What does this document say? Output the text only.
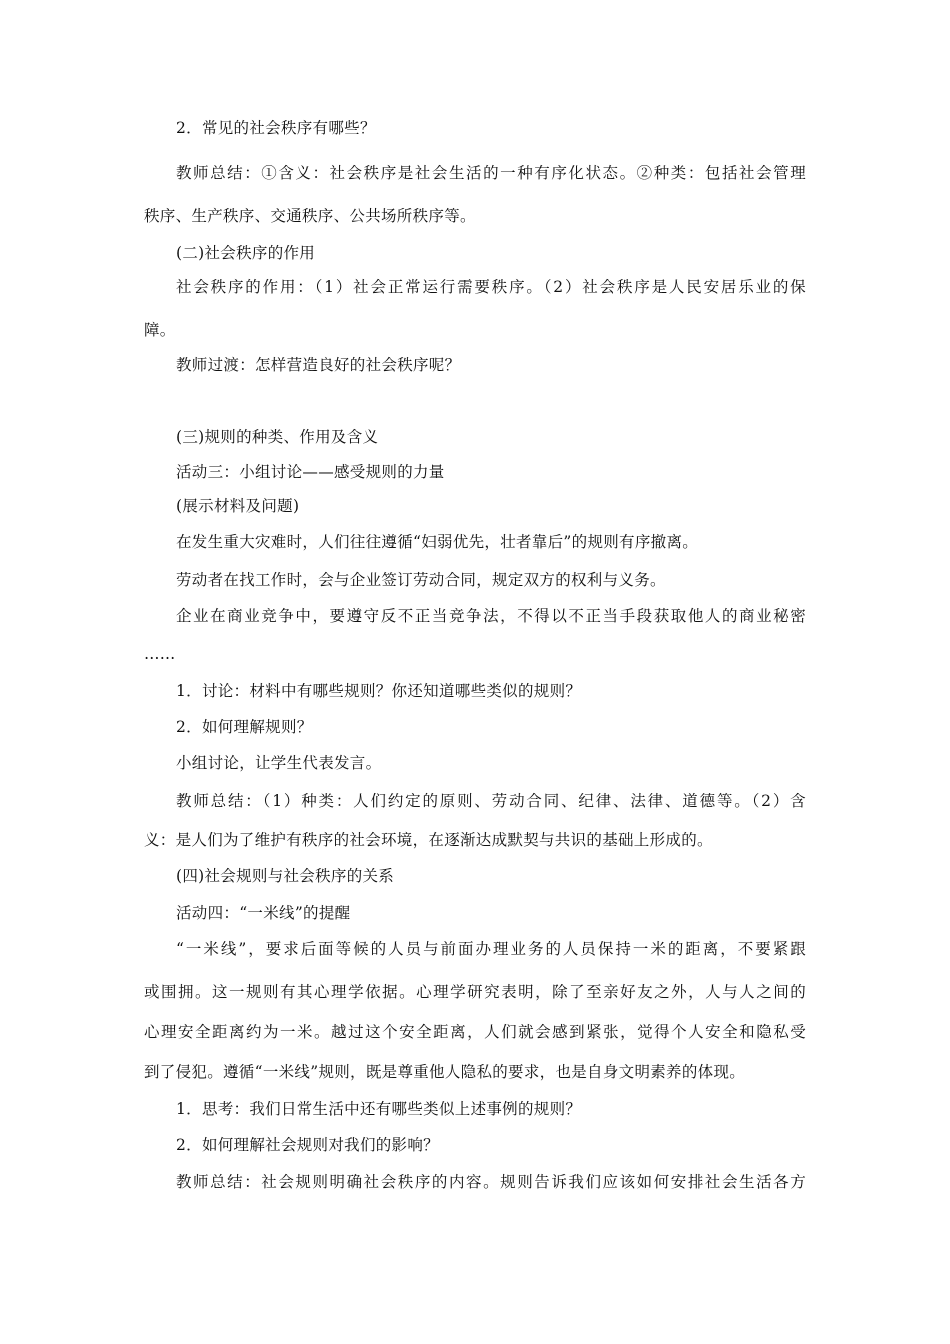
2．常见的社会秩序有哪些？
教师总结：①含义：社会秩序是社会生活的一种有序化状态。②种类：包括社会管理
秩序、生产秩序、交通秩序、公共场所秩序等。
(二)社会秩序的作用
社会秩序的作用：（1）社会正常运行需要秩序。（2）社会秩序是人民安居乐业的保
障。
教师过渡：怎样营造良好的社会秩序呢？
(三)规则的种类、作用及含义
活动三：小组讨论——感受规则的力量
(展示材料及问题)
在发生重大灾难时，人们往往遵循“妇弱优先，壮者靠后”的规则有序撤离。
劳动者在找工作时，会与企业签订劳动合同，规定双方的权利与义务。
企业在商业竞争中，要遵守反不正当竞争法，不得以不正当手段获取他人的商业秘密
……
1．讨论：材料中有哪些规则？你还知道哪些类似的规则？
2．如何理解规则？
小组讨论，让学生代表发言。
教师总结：（1）种类：人们约定的原则、劳动合同、纪律、法律、道德等。（2）含
义：是人们为了维护有秩序的社会环境，在逐渐达成默契与共识的基础上形成的。
(四)社会规则与社会秩序的关系
活动四：“一米线”的提醒
“一米线”，要求后面等候的人员与前面办理业务的人员保持一米的距离，不要紧跟
或围拥。这一规则有其心理学依据。心理学研究表明，除了至亲好友之外，人与人之间的
心理安全距离约为一米。越过这个安全距离，人们就会感到紧张，觉得个人安全和隐私受
到了侵犯。遵循“一米线”规则，既是尊重他人隐私的要求，也是自身文明素养的体现。
1．思考：我们日常生活中还有哪些类似上述事例的规则？
2．如何理解社会规则对我们的影响？
教师总结：社会规则明确社会秩序的内容。规则告诉我们应该如何安排社会生活各方
